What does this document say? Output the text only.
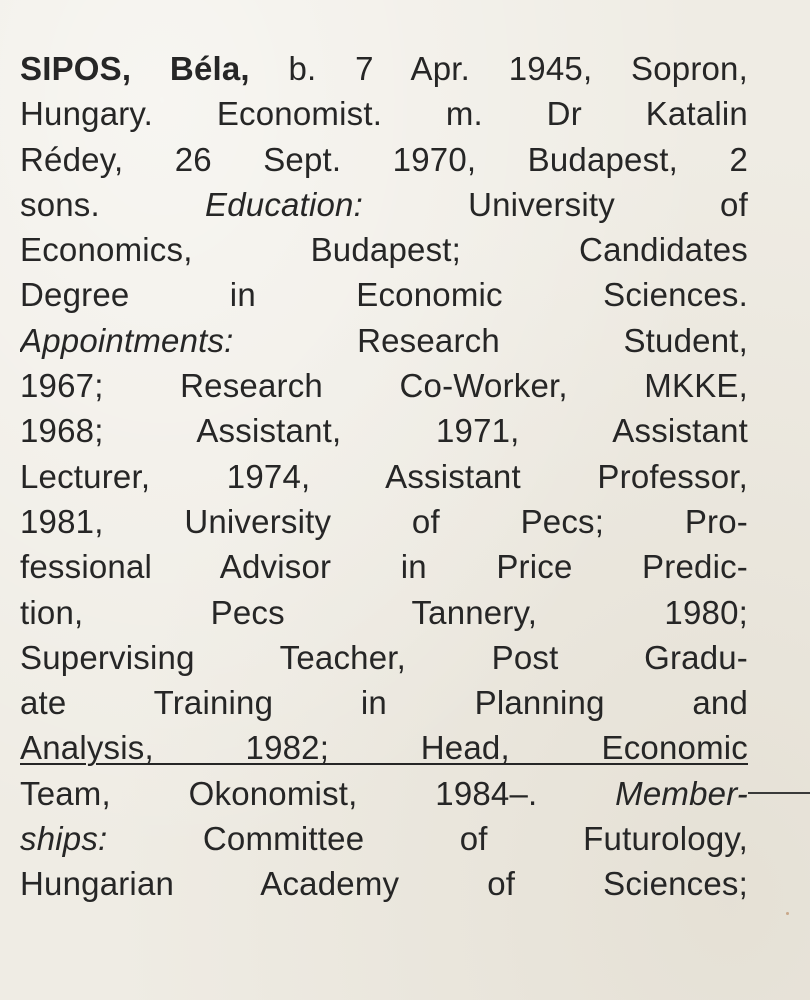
SIPOS, Béla, b. 7 Apr. 1945, Sopron,
Hungary. Economist. m. Dr Katalin
Rédey, 26 Sept. 1970, Budapest, 2
sons. Education: University of
Economics, Budapest; Candidates
Degree in Economic Sciences.
Appointments: Research Student,
1967; Research Co-Worker, MKKE,
1968; Assistant, 1971, Assistant
Lecturer, 1974, Assistant Professor,
1981, University of Pecs; Pro-
fessional Advisor in Price Predic-
tion, Pecs Tannery, 1980;
Supervising Teacher, Post Gradu-
ate Training in Planning and
Analysis, 1982; Head, Economic
Team, Okonomist, 1984–. Member-
ships: Committee of Futurology,
Hungarian Academy of Sciences;
